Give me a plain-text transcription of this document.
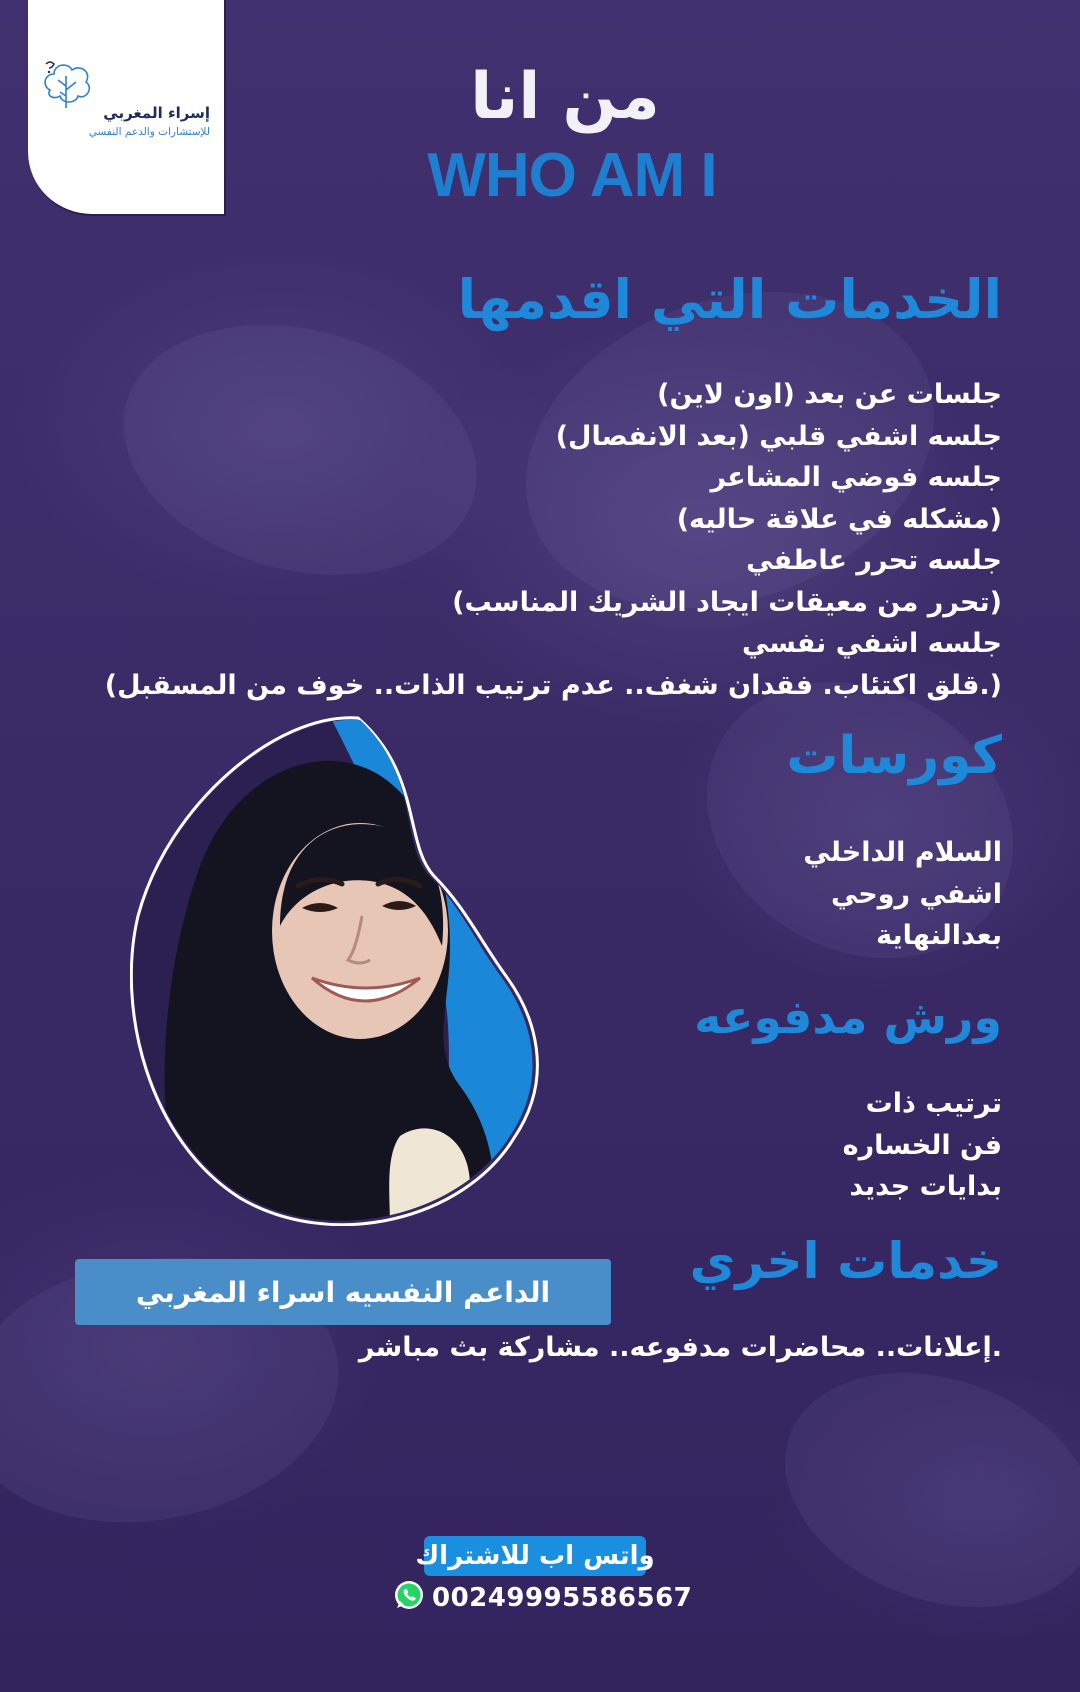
إسراء المغربي
للإستشارات والدعم النفسي	من انا
WHO AM I
الخدمات التي اقدمها
جلسات عن بعد (اون لاين)
جلسه اشفي قلبي (بعد الانفصال)
جلسه فوضي المشاعر
(مشكله في علاقة حاليه)
جلسه تحرر عاطفي
(تحرر من معيقات ايجاد الشريك المناسب)
جلسه اشفي نفسي
(.قلق اكتئاب. فقدان شغف.. عدم ترتيب الذات.. خوف من المسقبل)
كورسات
السلام الداخلي
اشفي روحي
بعدالنهاية
ورش مدفوعه
ترتيب ذات
فن الخساره
بدايات جديد
خدمات اخري
.إعلانات.. محاضرات مدفوعه.. مشاركة بث مباشر
الداعم النفسيه اسراء المغربي
واتس اب للاشتراك
00249995586567
